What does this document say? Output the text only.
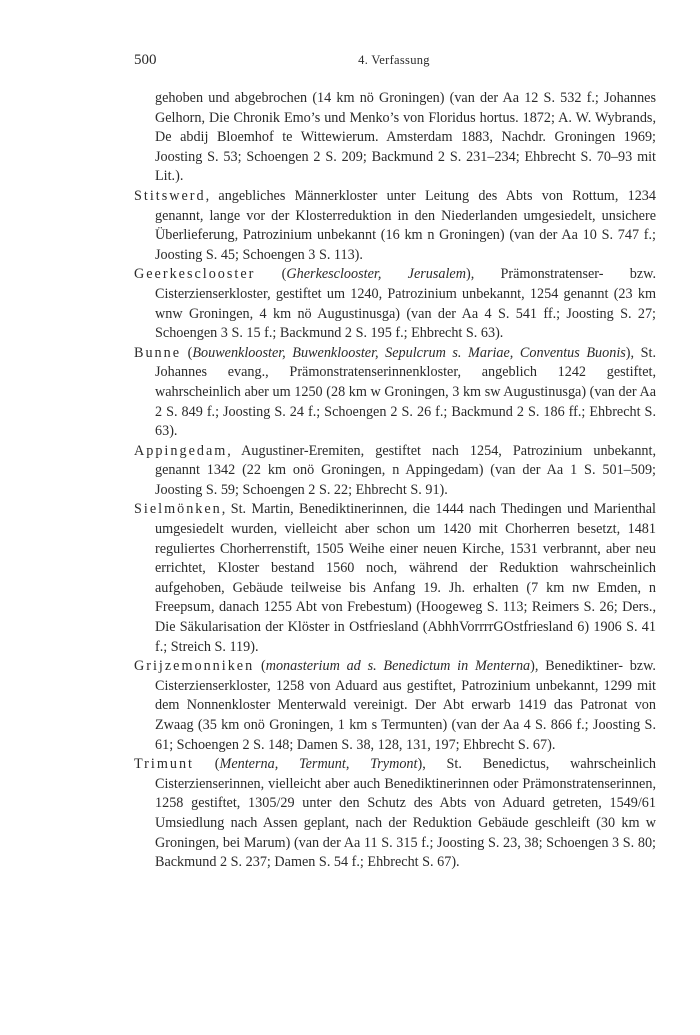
500	4. Verfassung

gehoben und abgebrochen (14 km nö Groningen) (van der Aa 12 S. 532 f.; Johannes Gelhorn, Die Chronik Emo’s und Menko’s von Floridus hortus. 1872; A. W. Wybrands, De abdij Bloemhof te Wittewierum. Amsterdam 1883, Nachdr. Groningen 1969; Joosting S. 53; Schoengen 2 S. 209; Backmund 2 S. 231–234; Ehbrecht S. 70–93 mit Lit.).

Stitswerd, angebliches Männerkloster unter Leitung des Abts von Rottum, 1234 genannt, lange vor der Klosterreduktion in den Niederlanden umgesiedelt, unsichere Überlieferung, Patrozinium unbekannt (16 km n Groningen) (van der Aa 10 S. 747 f.; Joosting S. 45; Schoengen 3 S. 113).

Geerkesclooster (Gherkesclooster, Jerusalem), Prämonstratenser- bzw. Cisterzienserkloster, gestiftet um 1240, Patrozinium unbekannt, 1254 genannt (23 km wnw Groningen, 4 km nö Augustinusga) (van der Aa 4 S. 541 ff.; Joosting S. 27; Schoengen 3 S. 15 f.; Backmund 2 S. 195 f.; Ehbrecht S. 63).

Bunne (Bouwenklooster, Buwenklooster, Sepulcrum s. Mariae, Conventus Buonis), St. Johannes evang., Prämonstratenserinnenkloster, angeblich 1242 gestiftet, wahrscheinlich aber um 1250 (28 km w Groningen, 3 km sw Augustinusga) (van der Aa 2 S. 849 f.; Joosting S. 24 f.; Schoengen 2 S. 26 f.; Backmund 2 S. 186 ff.; Ehbrecht S. 63).

Appingedam, Augustiner-Eremiten, gestiftet nach 1254, Patrozinium unbekannt, genannt 1342 (22 km onö Groningen, n Appingedam) (van der Aa 1 S. 501–509; Joosting S. 59; Schoengen 2 S. 22; Ehbrecht S. 91).

Sielmönken, St. Martin, Benediktinerinnen, die 1444 nach Thedingen und Marienthal umgesiedelt wurden, vielleicht aber schon um 1420 mit Chorherren besetzt, 1481 reguliertes Chorherrenstift, 1505 Weihe einer neuen Kirche, 1531 verbrannt, aber neu errichtet, Kloster bestand 1560 noch, während der Reduktion wahrscheinlich aufgehoben, Gebäude teilweise bis Anfang 19. Jh. erhalten (7 km nw Emden, n Freepsum, danach 1255 Abt von Frebestum) (Hoogeweg S. 113; Reimers S. 26; Ders., Die Säkularisation der Klöster in Ostfriesland (AbhhVorrrrGOstfriesland 6) 1906 S. 41 f.; Streich S. 119).

Grijzemonniken (monasterium ad s. Benedictum in Menterna), Benediktiner- bzw. Cisterzienserkloster, 1258 von Aduard aus gestiftet, Patrozinium unbekannt, 1299 mit dem Nonnenkloster Menterwald vereinigt. Der Abt erwarb 1419 das Patronat von Zwaag (35 km onö Groningen, 1 km s Termunten) (van der Aa 4 S. 866 f.; Joosting S. 61; Schoengen 2 S. 148; Damen S. 38, 128, 131, 197; Ehbrecht S. 67).

Trimunt (Menterna, Termunt, Trymont), St. Benedictus, wahrscheinlich Cisterzienserinnen, vielleicht aber auch Benediktinerinnen oder Prämonstratenserinnen, 1258 gestiftet, 1305/29 unter den Schutz des Abts von Aduard getreten, 1549/61 Umsiedlung nach Assen geplant, nach der Reduktion Gebäude geschleift (30 km w Groningen, bei Marum) (van der Aa 11 S. 315 f.; Joosting S. 23, 38; Schoengen 3 S. 80; Backmund 2 S. 237; Damen S. 54 f.; Ehbrecht S. 67).
